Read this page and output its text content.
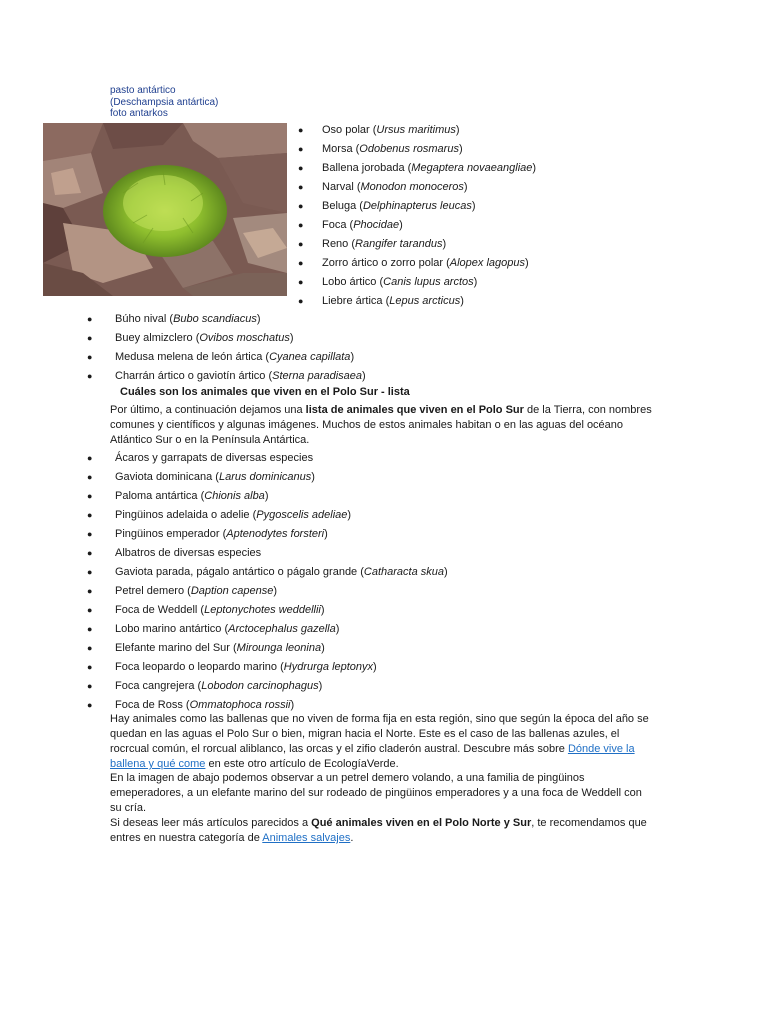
pasto antártico
(Deschampsia antártica)
foto antarkos
● Oso polar (Ursus maritimus)
● Morsa (Odobenus rosmarus)
● Ballena jorobada (Megaptera novaeangliae)
● Narval (Monodon monoceros)
● Beluga (Delphinapterus leucas)
● Foca (Phocidae)
● Reno (Rangifer tarandus)
● Zorro ártico o zorro polar (Alopex lagopus)
● Lobo ártico (Canis lupus arctos)
● Liebre ártica (Lepus arcticus)
● Búho nival (Bubo scandiacus)
● Buey almizclero (Ovibos moschatus)
● Medusa melena de león ártica (Cyanea capillata)
● Charrán ártico o gaviotín ártico (Sterna paradisaea)
Cuáles son los animales que viven en el Polo Sur - lista

Por último, a continuación dejamos una lista de animales que viven en el Polo Sur de la Tierra, con nombres comunes y científicos y algunas imágenes. Muchos de estos animales habitan o en las aguas del océano Atlántico Sur o en la Península Antártica.

● Ácaros y garrapats de diversas especies
● Gaviota dominicana (Larus dominicanus)
● Paloma antártica (Chionis alba)
● Pingüinos adelaida o adelie (Pygoscelis adeliae)
● Pingüinos emperador (Aptenodytes forsteri)
● Albatros de diversas especies
● Gaviota parada, págalo antártico o págalo grande (Catharacta skua)
● Petrel demero (Daption capense)
● Foca de Weddell (Leptonychotes weddellii)
● Lobo marino antártico (Arctocephalus gazella)
● Elefante marino del Sur (Mirounga leonina)
● Foca leopardo o leopardo marino (Hydrurga leptonyx)
● Foca cangrejera (Lobodon carcinophagus)
● Foca de Ross (Ommatophoca rossii)

Hay animales como las ballenas que no viven de forma fija en esta región, sino que según la época del año se quedan en las aguas el Polo Sur o bien, migran hacia el Norte. Este es el caso de las ballenas azules, el rocrcual común, el rorcual aliblanco, las orcas y el zifio claderón austral. Descubre más sobre Dónde vive la ballena y qué come en este otro artículo de EcologíaVerde.

En la imagen de abajo podemos observar a un petrel demero volando, a una familia de pingüinos emeperadores, a un elefante marino del sur rodeado de pingüinos emperadores y a una foca de Weddell con su cría.

Si deseas leer más artículos parecidos a Qué animales viven en el Polo Norte y Sur, te recomendamos que entres en nuestra categoría de Animales salvajes.
